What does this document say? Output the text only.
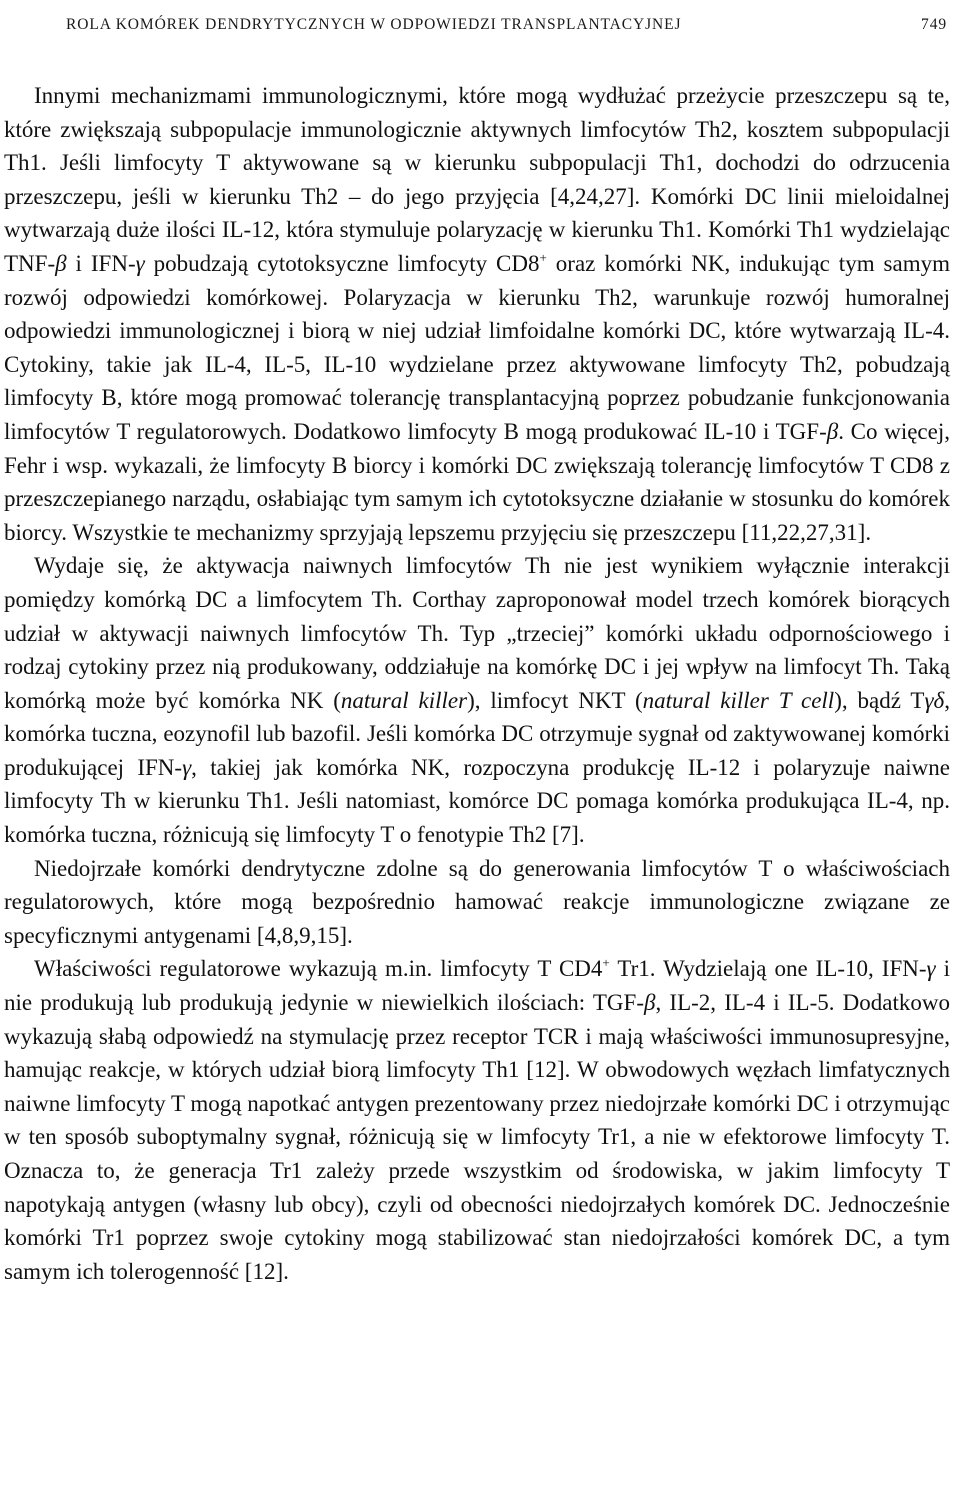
ROLA KOMÓREK DENDRYTYCZNYCH W ODPOWIEDZI TRANSPLANTACYJNEJ	749

Innymi mechanizmami immunologicznymi, które mogą wydłużać przeżycie przeszczepu są te, które zwiększają subpopulacje immunologicznie aktywnych limfocytów Th2, kosztem subpopulacji Th1. Jeśli limfocyty T aktywowane są w kierunku subpopulacji Th1, dochodzi do odrzucenia przeszczepu, jeśli w kierunku Th2 – do jego przyjęcia [4,24,27]. Komórki DC linii mieloidalnej wytwarzają duże ilości IL-12, która stymuluje polaryzację w kierunku Th1. Komórki Th1 wydzielając TNF-β i IFN-γ pobudzają cytotoksyczne limfocyty CD8+ oraz komórki NK, indukując tym samym rozwój odpowiedzi komórkowej. Polaryzacja w kierunku Th2, warunkuje rozwój humoralnej odpowiedzi immunologicznej i biorą w niej udział limfoidalne komórki DC, które wytwarzają IL-4. Cytokiny, takie jak IL-4, IL-5, IL-10 wydzielane przez aktywowane limfocyty Th2, pobudzają limfocyty B, które mogą promować tolerancję transplantacyjną poprzez pobudzanie funkcjonowania limfocytów T regulatorowych. Dodatkowo limfocyty B mogą produkować IL-10 i TGF-β. Co więcej, Fehr i wsp. wykazali, że limfocyty B biorcy i komórki DC zwiększają tolerancję limfocytów T CD8 z przeszczepianego narządu, osłabiając tym samym ich cytotoksyczne działanie w stosunku do komórek biorcy. Wszystkie te mechanizmy sprzyjają lepszemu przyjęciu się przeszczepu [11,22,27,31].

Wydaje się, że aktywacja naiwnych limfocytów Th nie jest wynikiem wyłącznie interakcji pomiędzy komórką DC a limfocytem Th. Corthay zaproponował model trzech komórek biorących udział w aktywacji naiwnych limfocytów Th. Typ „trzeciej” komórki układu odpornościowego i rodzaj cytokiny przez nią produkowany, oddziałuje na komórkę DC i jej wpływ na limfocyt Th. Taką komórką może być komórka NK (natural killer), limfocyt NKT (natural killer T cell), bądź Tγδ, komórka tuczna, eozynofil lub bazofil. Jeśli komórka DC otrzymuje sygnał od zaktywowanej komórki produkującej IFN-γ, takiej jak komórka NK, rozpoczyna produkcję IL-12 i polaryzuje naiwne limfocyty Th w kierunku Th1. Jeśli natomiast, komórce DC pomaga komórka produkująca IL-4, np. komórka tuczna, różnicują się limfocyty T o fenotypie Th2 [7].

Niedojrzałe komórki dendrytyczne zdolne są do generowania limfocytów T o właściwościach regulatorowych, które mogą bezpośrednio hamować reakcje immunologiczne związane ze specyficznymi antygenami [4,8,9,15].

Właściwości regulatorowe wykazują m.in. limfocyty T CD4+ Tr1. Wydzielają one IL-10, IFN-γ i nie produkują lub produkują jedynie w niewielkich ilościach: TGF-β, IL-2, IL-4 i IL-5. Dodatkowo wykazują słabą odpowiedź na stymulację przez receptor TCR i mają właściwości immunosupresyjne, hamując reakcje, w których udział biorą limfocyty Th1 [12]. W obwodowych węzłach limfatycznych naiwne limfocyty T mogą napotkać antygen prezentowany przez niedojrzałe komórki DC i otrzymując w ten sposób suboptymalny sygnał, różnicują się w limfocyty Tr1, a nie w efektorowe limfocyty T. Oznacza to, że generacja Tr1 zależy przede wszystkim od środowiska, w jakim limfocyty T napotykają antygen (własny lub obcy), czyli od obecności niedojrzałych komórek DC. Jednocześnie komórki Tr1 poprzez swoje cytokiny mogą stabilizować stan niedojrzałości komórek DC, a tym samym ich tolerogenność [12].
